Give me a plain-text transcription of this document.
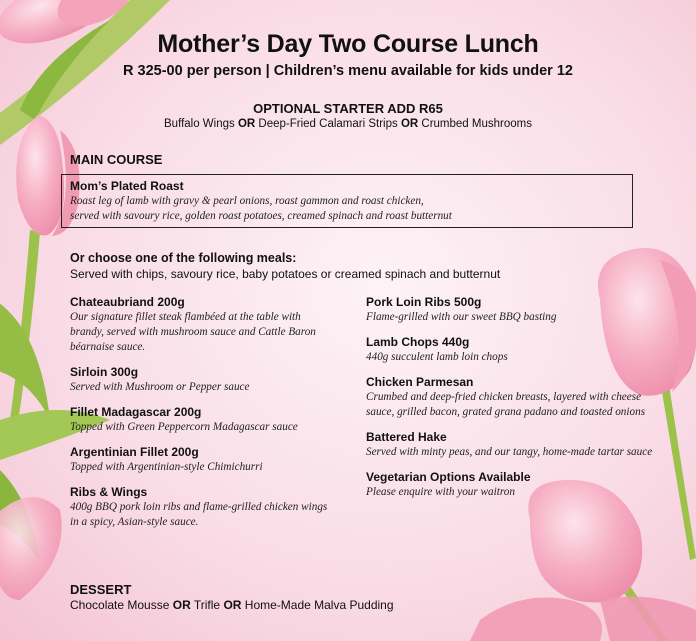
Mother’s Day Two Course Lunch
R 325-00 per person | Children’s menu available for kids under 12
OPTIONAL STARTER ADD R65
Buffalo Wings OR Deep-Fried Calamari Strips OR Crumbed Mushrooms
MAIN COURSE
Mom’s Plated Roast
Roast leg of lamb with gravy & pearl onions, roast gammon and roast chicken,
served with savoury rice, golden roast potatoes, creamed spinach and roast butternut
Or choose one of the following meals:
Served with chips, savoury rice, baby potatoes or creamed spinach and butternut
Chateaubriand 200g
Our signature fillet steak flambéed at the table with brandy, served with mushroom sauce and Cattle Baron béarnaise sauce.
Sirloin 300g
Served with Mushroom or Pepper sauce
Fillet Madagascar 200g
Topped with Green Peppercorn Madagascar sauce
Argentinian Fillet 200g
Topped with Argentinian-style Chimichurri
Ribs & Wings
400g BBQ pork loin ribs and flame-grilled chicken wings in a spicy, Asian-style sauce.
Pork Loin Ribs 500g
Flame-grilled with our sweet BBQ basting
Lamb Chops 440g
440g succulent lamb loin chops
Chicken Parmesan
Crumbed and deep-fried chicken breasts, layered with cheese sauce, grilled bacon, grated grana padano and toasted onions
Battered Hake
Served with minty peas, and our tangy, home-made tartar sauce
Vegetarian Options Available
Please enquire with your waitron
DESSERT
Chocolate Mousse OR Trifle OR Home-Made Malva Pudding
